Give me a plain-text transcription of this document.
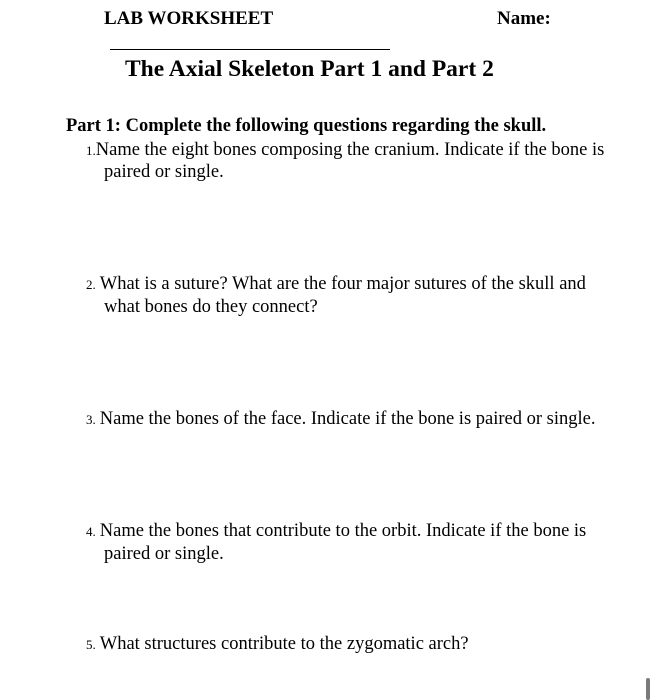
LAB WORKSHEET	Name:
The Axial Skeleton Part 1 and Part 2
Part 1: Complete the following questions regarding the skull.
1.Name the eight bones composing the cranium. Indicate if the bone is
paired or single.
2. What is a suture? What are the four major sutures of the skull and
what bones do they connect?
3. Name the bones of the face. Indicate if the bone is paired or single.
4. Name the bones that contribute to the orbit. Indicate if the bone is
paired or single.
5. What structures contribute to the zygomatic arch?
